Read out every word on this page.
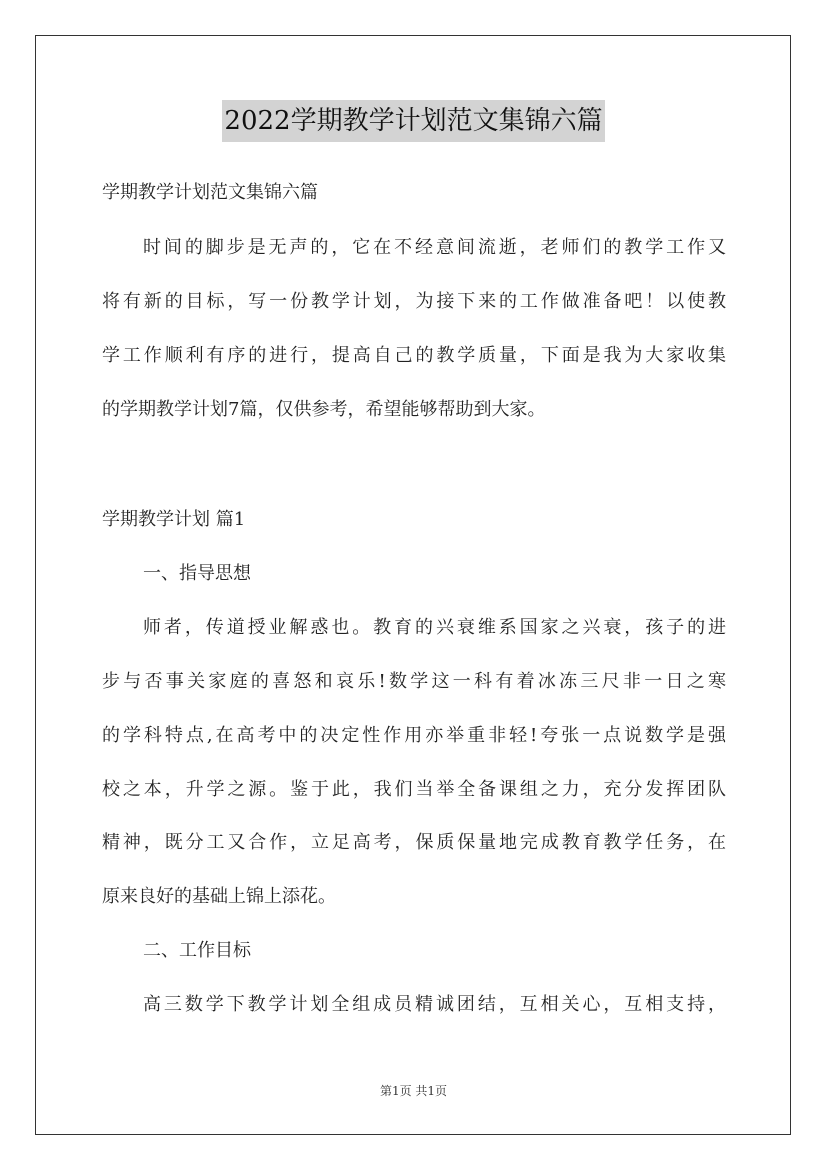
2022学期教学计划范文集锦六篇
学期教学计划范文集锦六篇
时间的脚步是无声的，它在不经意间流逝，老师们的教学工作又
将有新的目标，写一份教学计划，为接下来的工作做准备吧！以使教
学工作顺利有序的进行，提高自己的教学质量，下面是我为大家收集
的学期教学计划7篇，仅供参考，希望能够帮助到大家。
学期教学计划 篇1
一、指导思想
师者，传道授业解惑也。教育的兴衰维系国家之兴衰，孩子的进
步与否事关家庭的喜怒和哀乐!数学这一科有着冰冻三尺非一日之寒
的学科特点,在高考中的决定性作用亦举重非轻!夸张一点说数学是强
校之本，升学之源。鉴于此，我们当举全备课组之力，充分发挥团队
精神，既分工又合作，立足高考，保质保量地完成教育教学任务，在
原来良好的基础上锦上添花。
二、工作目标
高三数学下教学计划全组成员精诚团结，互相关心，互相支持，
第1页 共1页
